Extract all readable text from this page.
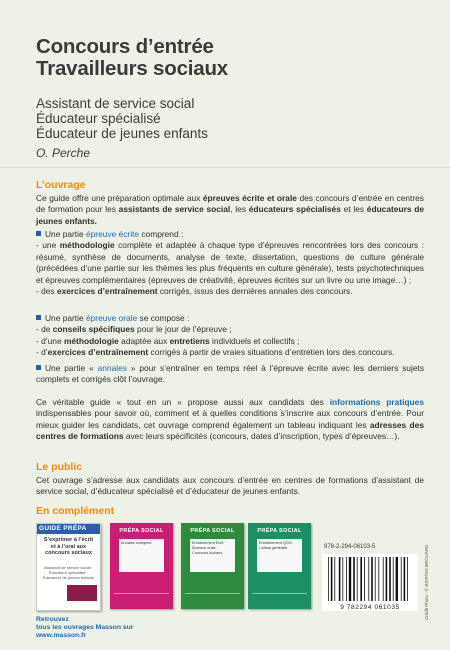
Concours d’entrée
Travailleurs sociaux
Assistant de service social
Éducateur spécialisé
Éducateur de jeunes enfants
O. Perche
L’ouvrage
Ce guide offre une préparation optimale aux épreuves écrite et orale des concours d’entrée en centres de formation pour les assistants de service social, les éducateurs spécialisés et les éducateurs de jeunes enfants.
Une partie épreuve écrite comprend :
- une méthodologie complète et adaptée à chaque type d’épreuves rencontrées lors des concours : résumé, synthèse de documents, analyse de texte, dissertation, questions de culture générale (précédées d’une partie sur les thèmes les plus fréquents en culture générale), tests psychotechniques et épreuves complémentaires (épreuves de créativité, épreuves écrites sur un livre ou une image…) ;
- des exercices d’entraînement corrigés, issus des dernières annales des concours.
Une partie épreuve orale se compose :
- de conseils spécifiques pour le jour de l’épreuve ;
- d’une méthodologie adaptée aux entretiens individuels et collectifs ;
- d’exercices d’entraînement corrigés à partir de vraies situations d’entretien lors des concours.
Une partie « annales » pour s’entraîner en temps réel à l’épreuve écrite avec les derniers sujets complets et corrigés clôt l’ouvrage.
Ce véritable guide « tout en un » propose aussi aux candidats des informations pratiques indispensables pour savoir où, comment et à quelles conditions s’inscrire aux concours d’entrée. Pour mieux guider les candidats, cet ouvrage comprend également un tableau indiquant les adresses des centres de formations avec leurs spécificités (concours, dates d’inscription, types d’épreuves…).
Le public
Cet ouvrage s’adresse aux candidats aux concours d’entrée en centres de formations d’assistant de service social, d’éducateur spécialisé et d’éducateur de jeunes enfants.
En complément
GUIDE PRÉPA
S’exprimer à l’écrit et à l’oral aux concours sociaux
Assistant de service social · Éducateur spécialisé · Éducateur de jeunes enfants
PRÉPA SOCIAL
Annales corrigées
PRÉPA SOCIAL
Entraînement Écrit · Épreuve orale · Concours sociaux
PRÉPA SOCIAL
Entraînement QCM Culture générale
Retrouvez
tous les ouvrages Masson sur
www.masson.fr
978-2-294-06103-5
9 782294 061035	Crédit Photo : © BSIP/ON BROUARD
